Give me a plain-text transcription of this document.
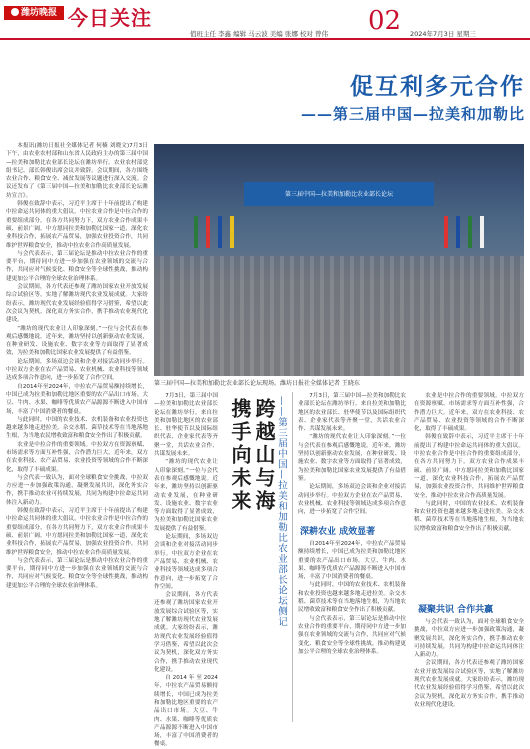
潍坊晚报 今日关注	02
值班主任 李鑫 编辑 马云波 美编 张娜 校对 曾伟	2024年7月3日 星期三
促互利多元合作
——第三届中国—拉美和加勒比

本报讯(潍坊日报社全媒体记者 何楠 刘晓文)7月3日下午，由农业农村部和山东省人民政府主办的第三届中国—拉美和加勒比农业部长论坛在潍坊举行。农业农村部党组书记、部长韩俊出席会议并致辞。会议期间，各方围绕农业合作、粮食安全、减贫发展等议题进行深入交流。会议还发布了《第三届中国—拉美和加勒比农业部长论坛潍坊宣言》。

韩俊在致辞中表示，习近平主席于十年前提出了构建中拉命运共同体的重大倡议。中拉农业合作是中拉合作的重要组成部分，在各方共同努力下，双方农业合作成果丰硕、前景广阔。中方愿同拉美和加勒比国家一道，深化农业科技合作，拓展农产品贸易，加强农业投资合作，共同维护世界粮食安全，推动中拉农业合作高质量发展。

与会代表表示，第三届论坛是推动中拉农业合作的重要平台，期待同中方进一步加强在农业领域的交流与合作，共同应对气候变化、粮食安全等全球性挑战，推动构建更加公平合理的全球农业治理体系。

会议期间，各方代表还参观了潍坊国家农业开放发展综合试验区等，实地了解潍坊现代农业发展成就。大家纷纷表示，潍坊现代农业发展经验值得学习借鉴，希望以此次会议为契机，深化双方务实合作，携手推动农业现代化建设。

“潍坊的现代农业让人印象深刻。”一位与会代表在参观后感慨地说。近年来，潍坊坚持以创新驱动农业发展，在种业研发、设施农业、数字农业等方面取得了显著成效，为拉美和加勒比国家农业发展提供了有益借鉴。

论坛期间，多场双边会谈和企业对接活动同步举行。中拉双方企业在农产品贸易、农业机械、农业科技等领域达成多项合作意向，进一步拓宽了合作空间。

自2014年至2024年，中拉农产品贸易额持续增长，中国已成为拉美和加勒比地区重要的农产品出口市场。大豆、牛肉、水果、咖啡等优质农产品源源不断进入中国市场，丰富了中国消费者的餐桌。

与此同时，中国的农业技术、农机装备和农业投资也越来越多地走进拉美。杂交水稻、菌草技术等在当地落地生根，为当地农民增收致富和粮食安全作出了积极贡献。

农业是中拉合作的重要领域。中拉双方在资源禀赋、市场需求等方面互补性强，合作潜力巨大。近年来，双方在农业科技、农产品贸易、农业投资等领域的合作不断深化，取得了丰硕成果。

与会代表一致认为，面对全球粮食安全挑战，中拉双方应进一步加强政策沟通，凝聚发展共识，深化务实合作，携手推动农业可持续发展，共同为构建中拉命运共同体注入新动力。

韩俊在致辞中表示，习近平主席于十年前提出了构建中拉命运共同体的重大倡议。中拉农业合作是中拉合作的重要组成部分，在各方共同努力下，双方农业合作成果丰硕、前景广阔。中方愿同拉美和加勒比国家一道，深化农业科技合作，拓展农产品贸易，加强农业投资合作，共同维护世界粮食安全，推动中拉农业合作高质量发展。

与会代表表示，第三届论坛是推动中拉农业合作的重要平台，期待同中方进一步加强在农业领域的交流与合作，共同应对气候变化、粮食安全等全球性挑战，推动构建更加公平合理的全球农业治理体系。

第三届中国—拉美和加勒比农业部长论坛
第三届中国—拉美和加勒比农业部长论坛现场。潍坊日报社全媒体记者 王晓东

7月3日，第三届中国—拉美和加勒比农业部长论坛在潍坊举行。来自拉美和加勒比地区的农业部长、驻华使节以及国际组织代表、企业家代表等齐聚一堂，共话农业合作、共谋发展未来。

“潍坊的现代农业让人印象深刻。”一位与会代表在参观后感慨地说。近年来，潍坊坚持以创新驱动农业发展，在种业研发、设施农业、数字农业等方面取得了显著成效，为拉美和加勒比国家农业发展提供了有益借鉴。

论坛期间，多场双边会谈和企业对接活动同步举行。中拉双方企业在农产品贸易、农业机械、农业科技等领域达成多项合作意向，进一步拓宽了合作空间。

会议期间，各方代表还参观了潍坊国家农业开放发展综合试验区等，实地了解潍坊现代农业发展成就。大家纷纷表示，潍坊现代农业发展经验值得学习借鉴，希望以此次会议为契机，深化双方务实合作，携手推动农业现代化建设。

自2014年至2024年，中拉农产品贸易额持续增长，中国已成为拉美和加勒比地区重要的农产品出口市场。大豆、牛肉、水果、咖啡等优质农产品源源不断进入中国市场，丰富了中国消费者的餐桌。

跨越山与海
携手向未来	——第三届中国—拉美和加勒比农业部长论坛侧记	7月3日，第三届中国—拉美和加勒比农业部长论坛在潍坊举行。来自拉美和加勒比地区的农业部长、驻华使节以及国际组织代表、企业家代表等齐聚一堂，共话农业合作、共谋发展未来。

“潍坊的现代农业让人印象深刻。”一位与会代表在参观后感慨地说。近年来，潍坊坚持以创新驱动农业发展，在种业研发、设施农业、数字农业等方面取得了显著成效，为拉美和加勒比国家农业发展提供了有益借鉴。

论坛期间，多场双边会谈和企业对接活动同步举行。中拉双方企业在农产品贸易、农业机械、农业科技等领域达成多项合作意向，进一步拓宽了合作空间。

深耕农业 成效显著

自2014年至2024年，中拉农产品贸易额持续增长，中国已成为拉美和加勒比地区重要的农产品出口市场。大豆、牛肉、水果、咖啡等优质农产品源源不断进入中国市场，丰富了中国消费者的餐桌。

与此同时，中国的农业技术、农机装备和农业投资也越来越多地走进拉美。杂交水稻、菌草技术等在当地落地生根，为当地农民增收致富和粮食安全作出了积极贡献。

与会代表表示，第三届论坛是推动中拉农业合作的重要平台，期待同中方进一步加强在农业领域的交流与合作，共同应对气候变化、粮食安全等全球性挑战，推动构建更加公平合理的全球农业治理体系。

农业是中拉合作的重要领域。中拉双方在资源禀赋、市场需求等方面互补性强，合作潜力巨大。近年来，双方在农业科技、农产品贸易、农业投资等领域的合作不断深化，取得了丰硕成果。

韩俊在致辞中表示，习近平主席于十年前提出了构建中拉命运共同体的重大倡议。中拉农业合作是中拉合作的重要组成部分，在各方共同努力下，双方农业合作成果丰硕、前景广阔。中方愿同拉美和加勒比国家一道，深化农业科技合作，拓展农产品贸易，加强农业投资合作，共同维护世界粮食安全，推动中拉农业合作高质量发展。

与此同时，中国的农业技术、农机装备和农业投资也越来越多地走进拉美。杂交水稻、菌草技术等在当地落地生根，为当地农民增收致富和粮食安全作出了积极贡献。

凝聚共识 合作共赢

与会代表一致认为，面对全球粮食安全挑战，中拉双方应进一步加强政策沟通，凝聚发展共识，深化务实合作，携手推动农业可持续发展，共同为构建中拉命运共同体注入新动力。

会议期间，各方代表还参观了潍坊国家农业开放发展综合试验区等，实地了解潍坊现代农业发展成就。大家纷纷表示，潍坊现代农业发展经验值得学习借鉴，希望以此次会议为契机，深化双方务实合作，携手推动农业现代化建设。
